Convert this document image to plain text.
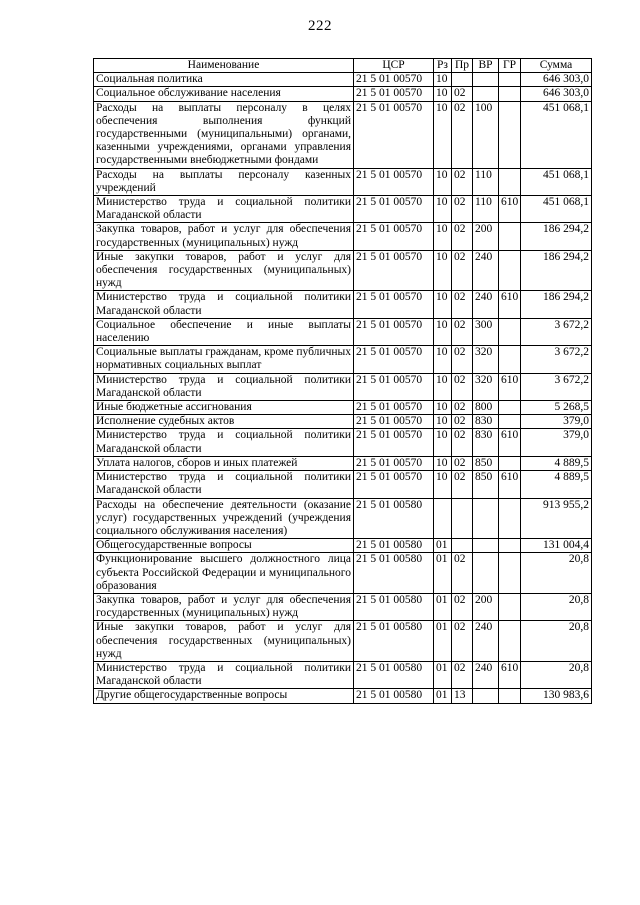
222
Наименование	ЦСР	Рз	Пр	ВР	ГР	Сумма
Социальная политика	21 5 01 00570	10				646 303,0
Социальное обслуживание населения	21 5 01 00570	10	02			646 303,0
Расходы на выплаты персоналу в целях обеспечения выполнения функций государственными (муниципальными) органами, казенными учреждениями, органами управления государственными внебюджетными фондами	21 5 01 00570	10	02	100		451 068,1
Расходы на выплаты персоналу казенных учреждений	21 5 01 00570	10	02	110		451 068,1
Министерство труда и социальной политики Магаданской области	21 5 01 00570	10	02	110	610	451 068,1
Закупка товаров, работ и услуг для обеспечения государственных (муниципальных) нужд	21 5 01 00570	10	02	200		186 294,2
Иные закупки товаров, работ и услуг для обеспечения государственных (муниципальных) нужд	21 5 01 00570	10	02	240		186 294,2
Министерство труда и социальной политики Магаданской области	21 5 01 00570	10	02	240	610	186 294,2
Социальное обеспечение и иные выплаты населению	21 5 01 00570	10	02	300		3 672,2
Социальные выплаты гражданам, кроме публичных нормативных социальных выплат	21 5 01 00570	10	02	320		3 672,2
Министерство труда и социальной политики Магаданской области	21 5 01 00570	10	02	320	610	3 672,2
Иные бюджетные ассигнования	21 5 01 00570	10	02	800		5 268,5
Исполнение судебных актов	21 5 01 00570	10	02	830		379,0
Министерство труда и социальной политики Магаданской области	21 5 01 00570	10	02	830	610	379,0
Уплата налогов, сборов и иных платежей	21 5 01 00570	10	02	850		4 889,5
Министерство труда и социальной политики Магаданской области	21 5 01 00570	10	02	850	610	4 889,5
Расходы на обеспечение деятельности (оказание услуг) государственных учреждений (учреждения социального обслуживания населения)	21 5 01 00580					913 955,2
Общегосударственные вопросы	21 5 01 00580	01				131 004,4
Функционирование высшего должностного лица субъекта Российской Федерации и муниципального образования	21 5 01 00580	01	02			20,8
Закупка товаров, работ и услуг для обеспечения государственных (муниципальных) нужд	21 5 01 00580	01	02	200		20,8
Иные закупки товаров, работ и услуг для обеспечения государственных (муниципальных) нужд	21 5 01 00580	01	02	240		20,8
Министерство труда и социальной политики Магаданской области	21 5 01 00580	01	02	240	610	20,8
Другие общегосударственные вопросы	21 5 01 00580	01	13			130 983,6
